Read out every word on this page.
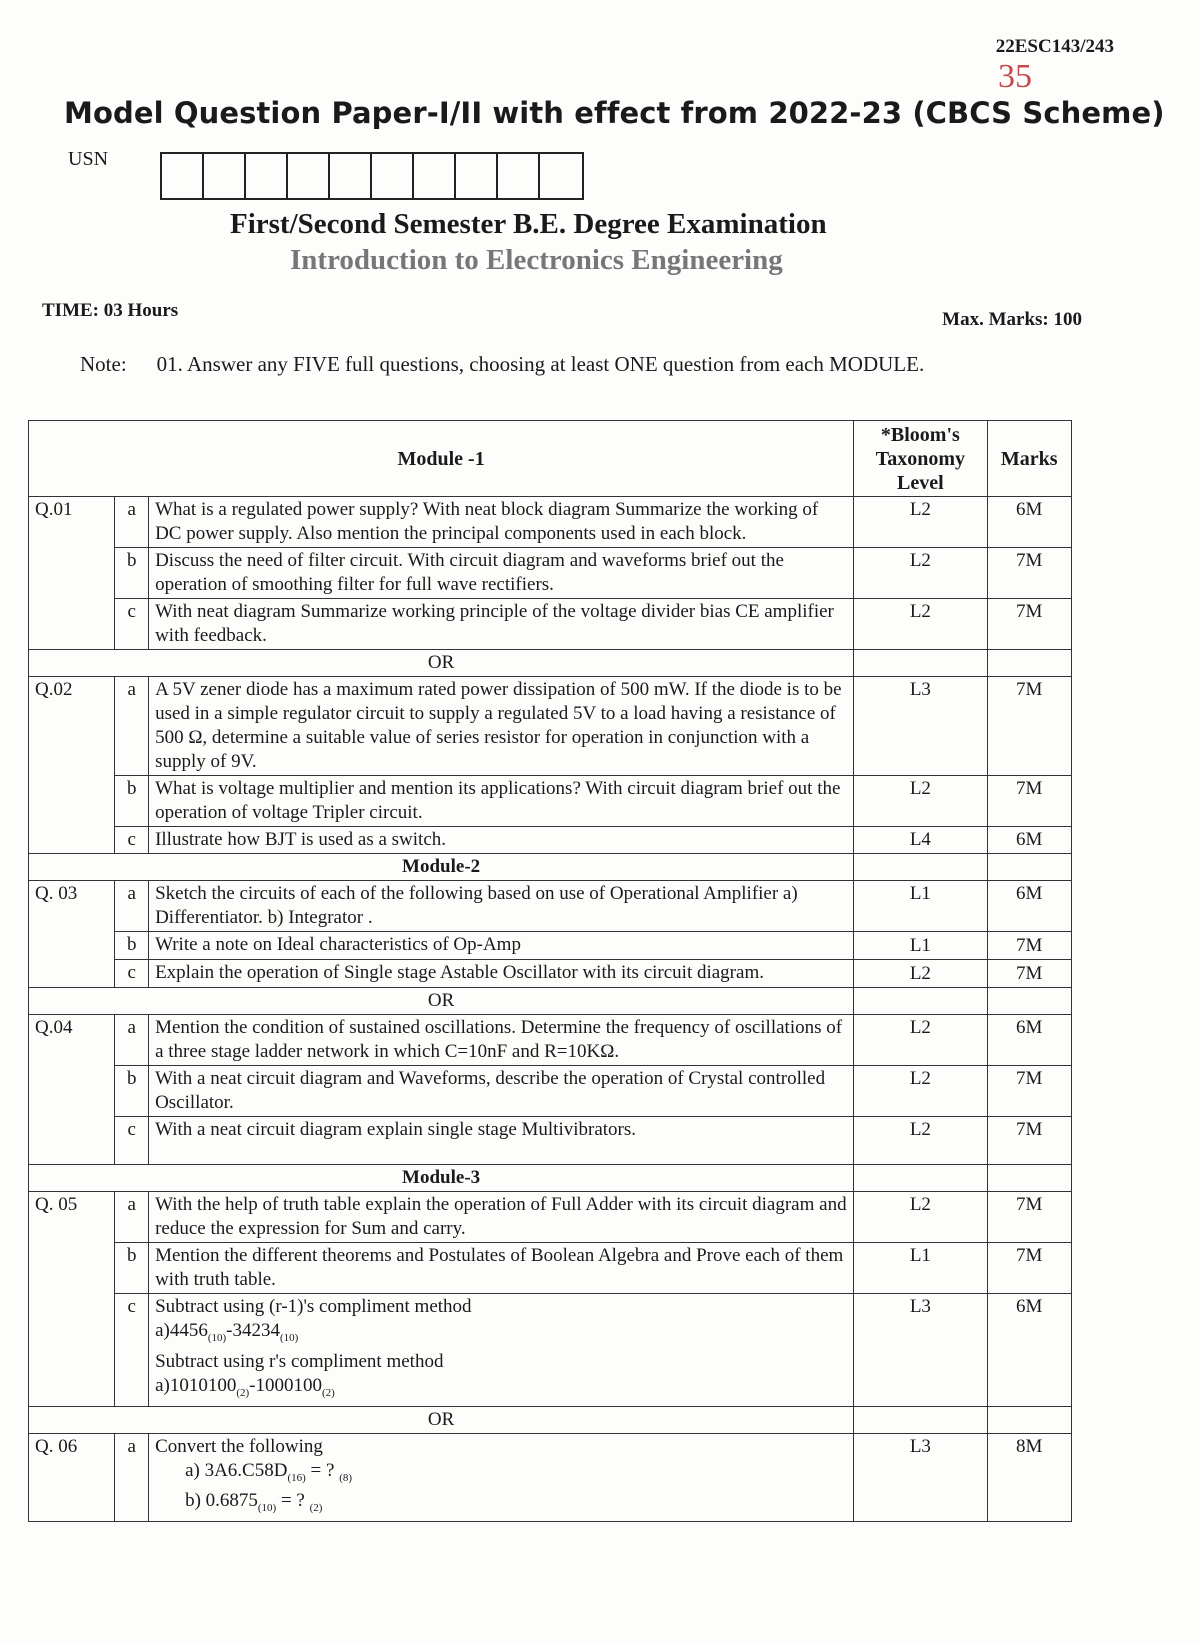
22ESC143/243
35
Model Question Paper-I/II with effect from 2022-23 (CBCS Scheme)
USN
First/Second Semester B.E. Degree Examination
Introduction to Electronics Engineering
TIME: 03 Hours	Max. Marks: 100
Note: 01. Answer any FIVE full questions, choosing at least ONE question from each MODULE.
Module -1			*Bloom's Taxonomy Level	Marks
Q.01	a	What is a regulated power supply? With neat block diagram Summarize the working of DC power supply. Also mention the principal components used in each block.	L2	6M
	b	Discuss the need of filter circuit. With circuit diagram and waveforms brief out the operation of smoothing filter for full wave rectifiers.	L2	7M
	c	With neat diagram Summarize working principle of the voltage divider bias CE amplifier with feedback.	L2	7M
OR				
Q.02	a	A 5V zener diode has a maximum rated power dissipation of 500 mW. If the diode is to be used in a simple regulator circuit to supply a regulated 5V to a load having a resistance of 500 Ω, determine a suitable value of series resistor for operation in conjunction with a supply of 9V.	L3	7M
	b	What is voltage multiplier and mention its applications? With circuit diagram brief out the operation of voltage Tripler circuit.	L2	7M
	c	Illustrate how BJT is used as a switch.	L4	6M
Module-2				
Q. 03	a	Sketch the circuits of each of the following based on use of Operational Amplifier a) Differentiator. b) Integrator .	L1	6M
	b	Write a note on Ideal characteristics of Op-Amp	L1	7M
	c	Explain the operation of Single stage Astable Oscillator with its circuit diagram.	L2	7M
OR				
Q.04	a	Mention the condition of sustained oscillations. Determine the frequency of oscillations of a three stage ladder network in which C=10nF and R=10KΩ.	L2	6M
	b	With a neat circuit diagram and Waveforms, describe the operation of Crystal controlled Oscillator.	L2	7M
	c	With a neat circuit diagram explain single stage Multivibrators.	L2	7M
Module-3				
Q. 05	a	With the help of truth table explain the operation of Full Adder with its circuit diagram and reduce the expression for Sum and carry.	L2	7M
	b	Mention the different theorems and Postulates of Boolean Algebra and Prove each of them with truth table.	L1	7M
	c	Subtract using (r-1)'s compliment method
$a)4456_{(10)}-34234_{(10)}$
Subtract using r's compliment method
$a)1010100_{(2)}-1000100_{(2)}$	L3	6M
OR				
Q. 06	a	Convert the following
a) $3A6.C58D_{(16)}$ = ? $_{(8)}$
b) $0.6875_{(10)}$ = ? $_{(2)}$	L3	8M
